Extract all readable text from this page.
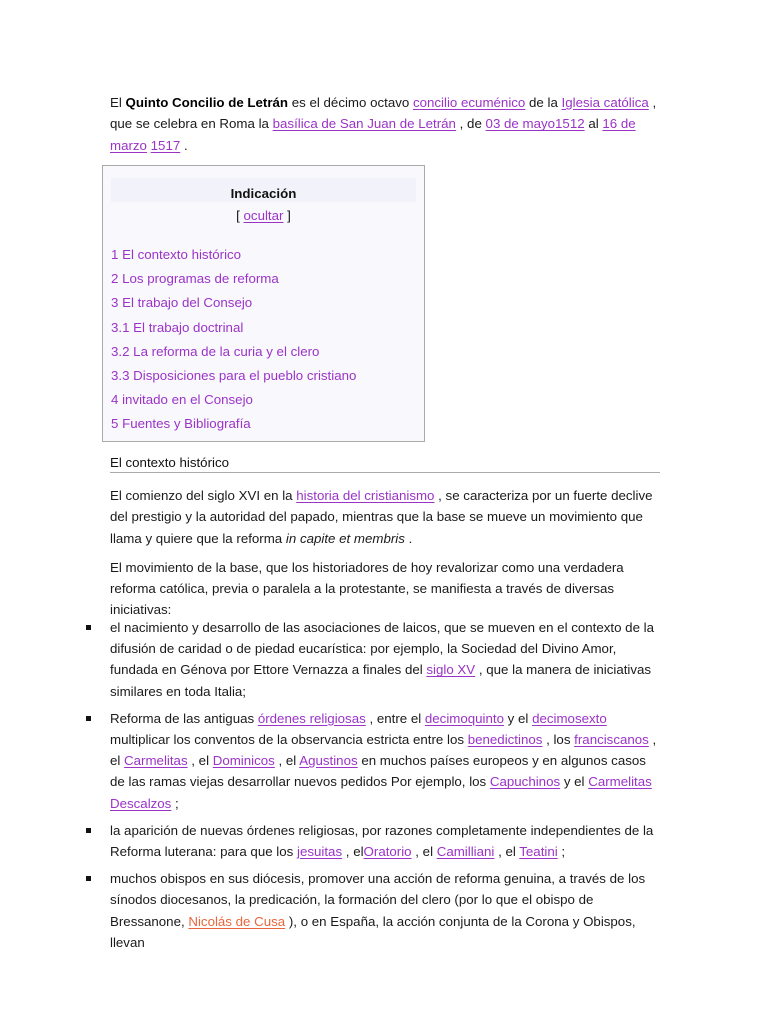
El Quinto Concilio de Letrán es el décimo octavo concilio ecuménico de la Iglesia católica , que se celebra en Roma la basílica de San Juan de Letrán , de 03 de mayo1512 al 16 de marzo 1517 .

Indicación
[ ocultar ]
1 El contexto histórico
2 Los programas de reforma
3 El trabajo del Consejo
3.1 El trabajo doctrinal
3.2 La reforma de la curia y el clero
3.3 Disposiciones para el pueblo cristiano
4 invitado en el Consejo
5 Fuentes y Bibliografía
El contexto histórico

El comienzo del siglo XVI en la historia del cristianismo , se caracteriza por un fuerte declive del prestigio y la autoridad del papado, mientras que la base se mueve un movimiento que llama y quiere que la reforma in capite et membris .

El movimiento de la base, que los historiadores de hoy revalorizar como una verdadera reforma católica, previa o paralela a la protestante, se manifiesta a través de diversas iniciativas:

el nacimiento y desarrollo de las asociaciones de laicos, que se mueven en el contexto de la difusión de caridad o de piedad eucarística: por ejemplo, la Sociedad del Divino Amor, fundada en Génova por Ettore Vernazza a finales del siglo XV , que la manera de iniciativas similares en toda Italia;
Reforma de las antiguas órdenes religiosas , entre el decimoquinto y el decimosexto multiplicar los conventos de la observancia estricta entre los benedictinos , los franciscanos , el Carmelitas , el Dominicos , el Agustinos en muchos países europeos y en algunos casos de las ramas viejas desarrollar nuevos pedidos Por ejemplo, los Capuchinos y el Carmelitas Descalzos ;
la aparición de nuevas órdenes religiosas, por razones completamente independientes de la Reforma luterana: para que los jesuitas , elOratorio , el Camilliani , el Teatini ;
muchos obispos en sus diócesis, promover una acción de reforma genuina, a través de los sínodos diocesanos, la predicación, la formación del clero (por lo que el obispo de Bressanone, Nicolás de Cusa ), o en España, la acción conjunta de la Corona y Obispos, llevan
